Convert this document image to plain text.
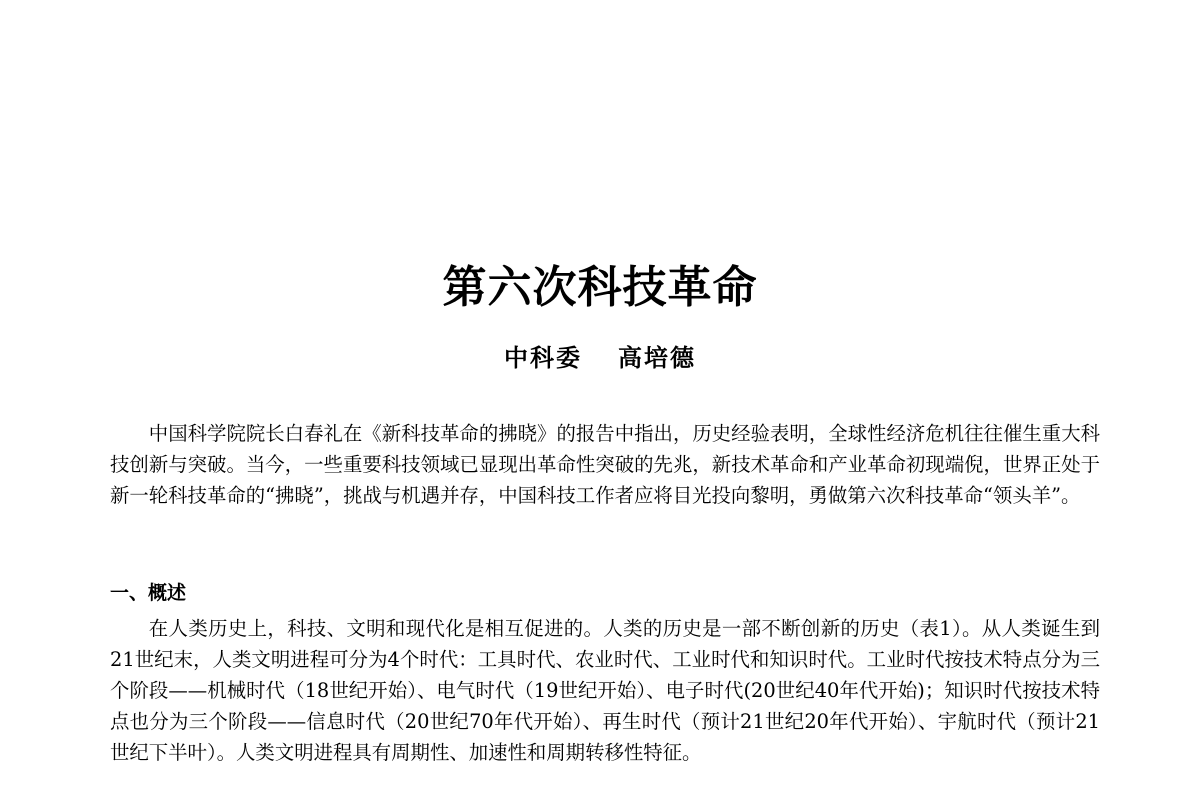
第六次科技革命
中科委 高培德

中国科学院院长白春礼在《新科技革命的拂晓》的报告中指出，历史经验表明，全球性经济危机往往催生重大科技创新与突破。当今，一些重要科技领域已显现出革命性突破的先兆，新技术革命和产业革命初现端倪，世界正处于新一轮科技革命的“拂晓”，挑战与机遇并存，中国科技工作者应将目光投向黎明，勇做第六次科技革命“领头羊”。

一、概述

在人类历史上，科技、文明和现代化是相互促进的。人类的历史是一部不断创新的历史（表1）。从人类诞生到21世纪末，人类文明进程可分为4个时代：工具时代、农业时代、工业时代和知识时代。工业时代按技术特点分为三个阶段——机械时代（18世纪开始）、电气时代（19世纪开始）、电子时代(20世纪40年代开始)；知识时代按技术特点也分为三个阶段——信息时代（20世纪70年代开始）、再生时代（预计21世纪20年代开始）、宇航时代（预计21世纪下半叶）。人类文明进程具有周期性、加速性和周期转移性特征。
